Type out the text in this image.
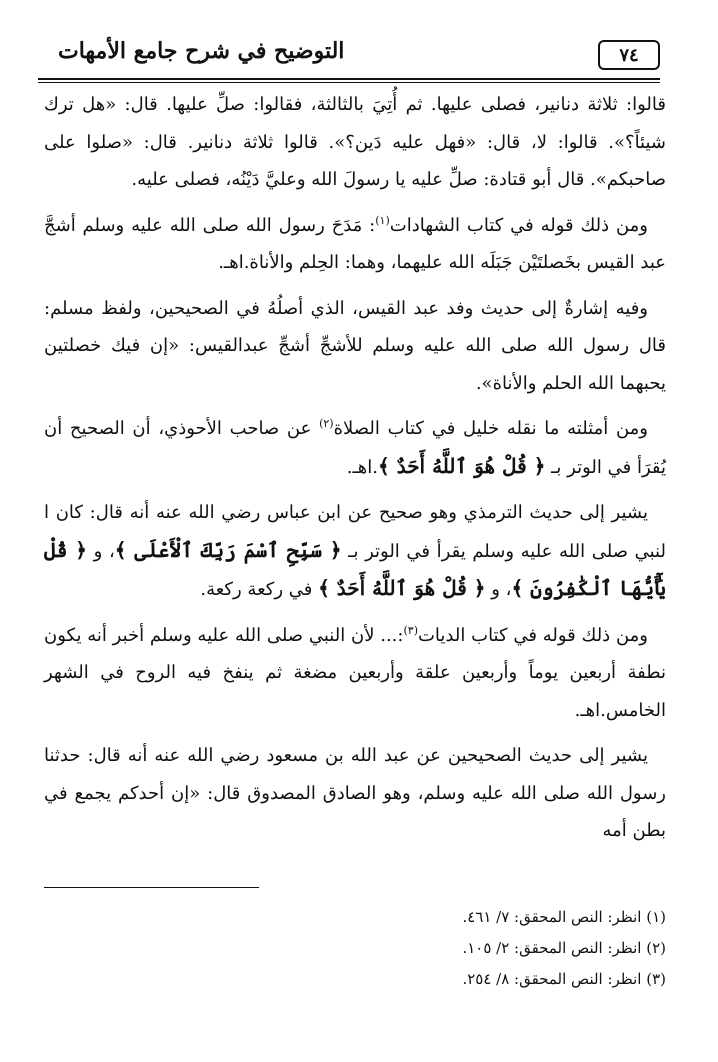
٧٤
التوضيح في شرح جامع الأمهات

قالوا: ثلاثة دنانير، فصلى عليها. ثم أُتِيَ بالثالثة، فقالوا: صلِّ عليها. قال: «هل ترك شيئاً؟». قالوا: لا، قال: «فهل عليه دَين؟». قالوا ثلاثة دنانير. قال: «صلوا على صاحبكم». قال أبو قتادة: صلِّ عليه يا رسولَ الله وعليَّ دَيْنُه، فصلى عليه.

ومن ذلك قوله في كتاب الشهادات$^{(١)}$: مَدَحَ رسول الله صلى الله عليه وسلم أشجَّ عبد القيس بخَصلتَيْن جَبَلَه الله عليهما، وهما: الحِلم والأناة.اهـ.

وفيه إشارةٌ إلى حديث وفد عبد القيس، الذي أصلُهُ في الصحيحين، ولفظ مسلم: قال رسول الله صلى الله عليه وسلم للأشجِّ أشجِّ عبدالقيس: «إن فيك خصلتين يحبهما الله الحلم والأناة».

ومن أمثلته ما نقله خليل في كتاب الصلاة$^{(٢)}$ عن صاحب الأحوذي، أن الصحيح أن يُقرَأ في الوتر بـ ﴿ قُلْ هُوَ ٱللَّهُ أَحَدٌ ﴾.اهـ.

يشير إلى حديث الترمذي وهو صحيح عن ابن عباس رضي الله عنه أنه قال: كان ا لنبي صلى الله عليه وسلم يقرأ في الوتر بـ ﴿ سَبِّحِ ٱسْمَ رَبِّكَ ٱلْأَعْلَى ﴾، و ﴿ قُلْ يَٰٓأَيُّهَا ٱلْكَٰفِرُونَ ﴾، و ﴿ قُلْ هُوَ ٱللَّهُ أَحَدٌ ﴾ في ركعة ركعة.

ومن ذلك قوله في كتاب الديات$^{(٣)}$:... لأن النبي صلى الله عليه وسلم أخبر أنه يكون نطفة أربعين يوماً وأربعين علقة وأربعين مضغة ثم ينفخ فيه الروح في الشهر الخامس.اهـ.

يشير إلى حديث الصحيحين عن عبد الله بن مسعود رضي الله عنه أنه قال: حدثنا رسول الله صلى الله عليه وسلم، وهو الصادق المصدوق قال: «إن أحدكم يجمع في بطن أمه

(١) انظر: النص المحقق: ٧/ ٤٦١.
(٢) انظر: النص المحقق: ٢/ ١٠٥.
(٣) انظر: النص المحقق: ٨/ ٢٥٤.
